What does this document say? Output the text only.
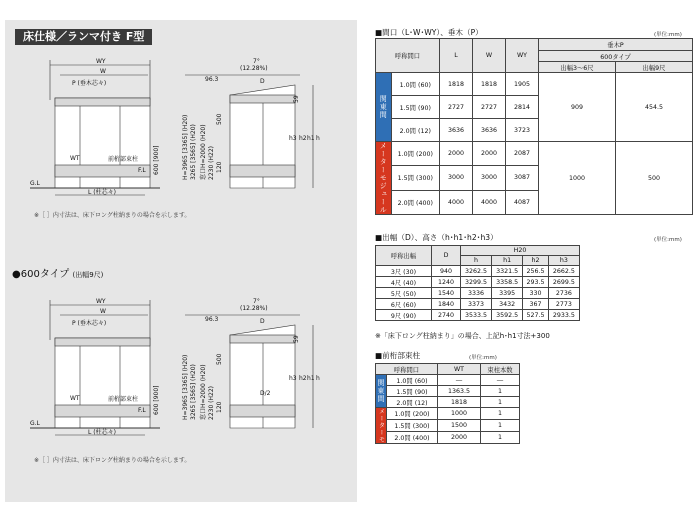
床仕様／ランマ付き F型
WY
W
P (垂木芯々)
WT	前桁部束柱
F.L
G.L
L (柱芯々)
600 [900]
7°
(12.28%)
96.3	D
59
H=3965 [3365] (H20) 3265 [3565] (H20) 窓口H=2000 (H20) 2230 (H22)
500
120
h3 h2 h1 h
※［ ］内寸法は、床下ロング柱納まりの場合を示します。
●600タイプ (出幅9尺)
WY
W
P (垂木芯々)
WT	前桁部束柱
F.L
G.L
L (柱芯々)
600 [900]
7°
(12.28%)
96.3	D
59
H=3965 [3365] (H20) 3265 [3565] (H20) 窓口H=2000 (H20) 2230 (H22)
500
120
D/2
h3 h2 h1 h
※［ ］内寸法は、床下ロング柱納まりの場合を示します。
■間口（L･W･WY）、垂木（P）	(単位:mm)
呼称間口		L	W	WY	垂木P	
					600タイプ	
					出幅3～6尺	出幅9尺
関東間	1.0間 (60)	1818	1818	1905	909	454.5
	1.5間 (90)	2727	2727	2814		
	2.0間 (12)	3636	3636	3723		
メーターモジュール	1.0間 (200)	2000	2000	2087	1000	500
	1.5間 (300)	3000	3000	3087		
	2.0間 (400)	4000	4000	4087		
■出幅（D）、高さ（h･h1･h2･h3）	(単位:mm)
呼称出幅	D	H20			
		h	h1	h2	h3
3尺 (30)	940	3262.5	3321.5	256.5	2662.5
4尺 (40)	1240	3299.5	3358.5	293.5	2699.5
5尺 (50)	1540	3336	3395	330	2736
6尺 (60)	1840	3373	3432	367	2773
9尺 (90)	2740	3533.5	3592.5	527.5	2933.5
※「床下ロング柱納まり」の場合、上記h･h1寸法+300
■前桁部束柱	(単位:mm)
呼称間口		WT	束柱本数
関東間	1.0間 (60)	―	―
	1.5間 (90)	1363.5	1
	2.0間 (12)	1818	1
メーターモ	1.0間 (200)	1000	1
	1.5間 (300)	1500	1
	2.0間 (400)	2000	1
